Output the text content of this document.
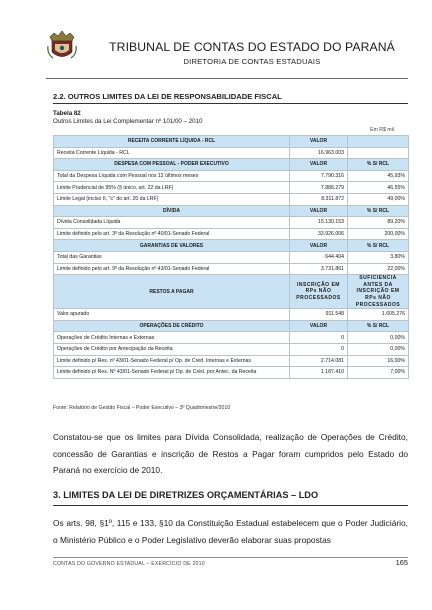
TRIBUNAL DE CONTAS DO ESTADO DO PARANÁ
DIRETORIA DE CONTAS ESTADUAIS
2.2. OUTROS LIMITES DA LEI DE RESPONSABILIDADE FISCAL
Tabela 82
Outros Limites da Lei Complementar nº 101/00 – 2010
Em R$ mil
RECEITA CORRENTE LÍQUIDA - RCL	VALOR	
Receita Corrente Líquida - RCL	16.963.003	
DESPESA COM PESSOAL - PODER EXECUTIVO	VALOR	% S/ RCL
Total da Despesa Líquida com Pessoal nos 12 últimos meses	7.790.316	45,93%
Limite Prudencial de 95% (§ único, art. 22 da LRF)	7.886.279	46,55%
Limite Legal (inciso II, "c" do art. 20 da LRF)	8.311.872	49,00%
DÍVIDA	VALOR	% S/ RCL
Dívida Consolidada Líquida	15.130.153	89,20%
Limite definido pelo art. 3º da Resolução nº 40/01-Senado Federal	33.926.006	200,00%
GARANTIAS DE VALORES	VALOR	% S/ RCL
Total das Garantias	644.404	3,80%
Limite definido pelo art. 9º da Resolução nº 43/01-Senado Federal	3.731.861	22,00%
RESTOS A PAGAR	INSCRIÇÃO EM RPs NÃO PROCESSADOS	SUFICIÊNCIA ANTES DA INSCRIÇÃO EM RPs NÃO PROCESSADOS
Valor apurado	911.548	1.605.276
OPERAÇÕES DE CRÉDITO	VALOR	% S/ RCL
Operações de Crédito Internas e Externas	0	0,00%
Operações de Crédito por Antecipação da Receita	0	0,00%
Limite definido p/ Res. nº 43/01-Senado Federal p/ Op. de Créd. Internas e Externas	2.714.081	16,00%
Limite definido p/ Res. Nº 43/01-Senado Federal p/ Op. de Créd. por Antec. da Receita	1.187.410	7,00%
Fonte: Relatório de Gestão Fiscal – Poder Executivo – 3º Quadrimestre/2010
Constatou-se que os limites para Dívida Consolidada, realização de Operações de Crédito, concessão de Garantias e inscrição de Restos a Pagar foram cumpridos pelo Estado do Paraná no exercício de 2010.
3. LIMITES DA LEI DE DIRETRIZES ORÇAMENTÁRIAS – LDO
Os arts. 98, §1º, 115 e 133, §10 da Constituição Estadual estabelecem que o Poder Judiciário, o Ministério Público e o Poder Legislativo deverão elaborar suas propostas
CONTAS DO GOVERNO ESTADUAL – EXERCÍCIO DE 2010	165
